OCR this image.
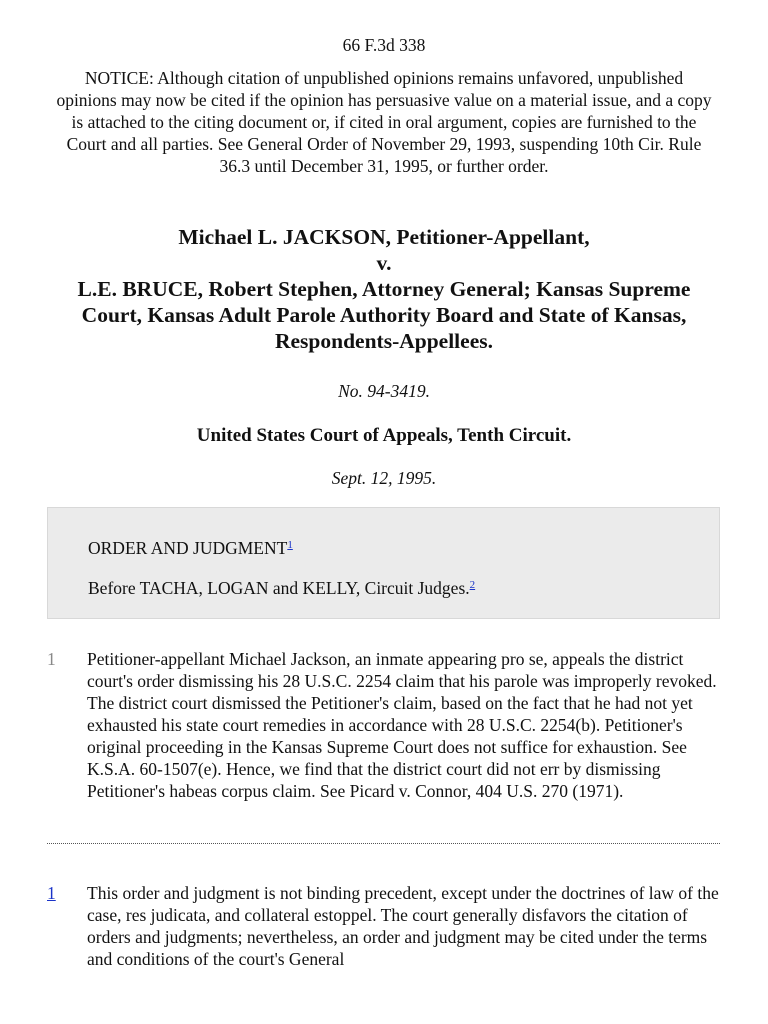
66 F.3d 338
NOTICE: Although citation of unpublished opinions remains unfavored, unpublished opinions may now be cited if the opinion has persuasive value on a material issue, and a copy is attached to the citing document or, if cited in oral argument, copies are furnished to the Court and all parties. See General Order of November 29, 1993, suspending 10th Cir. Rule 36.3 until December 31, 1995, or further order.
Michael L. JACKSON, Petitioner-Appellant,
v.
L.E. BRUCE, Robert Stephen, Attorney General; Kansas Supreme Court, Kansas Adult Parole Authority Board and State of Kansas, Respondents-Appellees.
No. 94-3419.
United States Court of Appeals, Tenth Circuit.
Sept. 12, 1995.
ORDER AND JUDGMENT$^1$
Before TACHA, LOGAN and KELLY, Circuit Judges.$^2$
1 Petitioner-appellant Michael Jackson, an inmate appearing pro se, appeals the district court's order dismissing his 28 U.S.C. 2254 claim that his parole was improperly revoked. The district court dismissed the Petitioner's claim, based on the fact that he had not yet exhausted his state court remedies in accordance with 28 U.S.C. 2254(b). Petitioner's original proceeding in the Kansas Supreme Court does not suffice for exhaustion. See K.S.A. 60-1507(e). Hence, we find that the district court did not err by dismissing Petitioner's habeas corpus claim. See Picard v. Connor, 404 U.S. 270 (1971).
1 This order and judgment is not binding precedent, except under the doctrines of law of the case, res judicata, and collateral estoppel. The court generally disfavors the citation of orders and judgments; nevertheless, an order and judgment may be cited under the terms and conditions of the court's General
